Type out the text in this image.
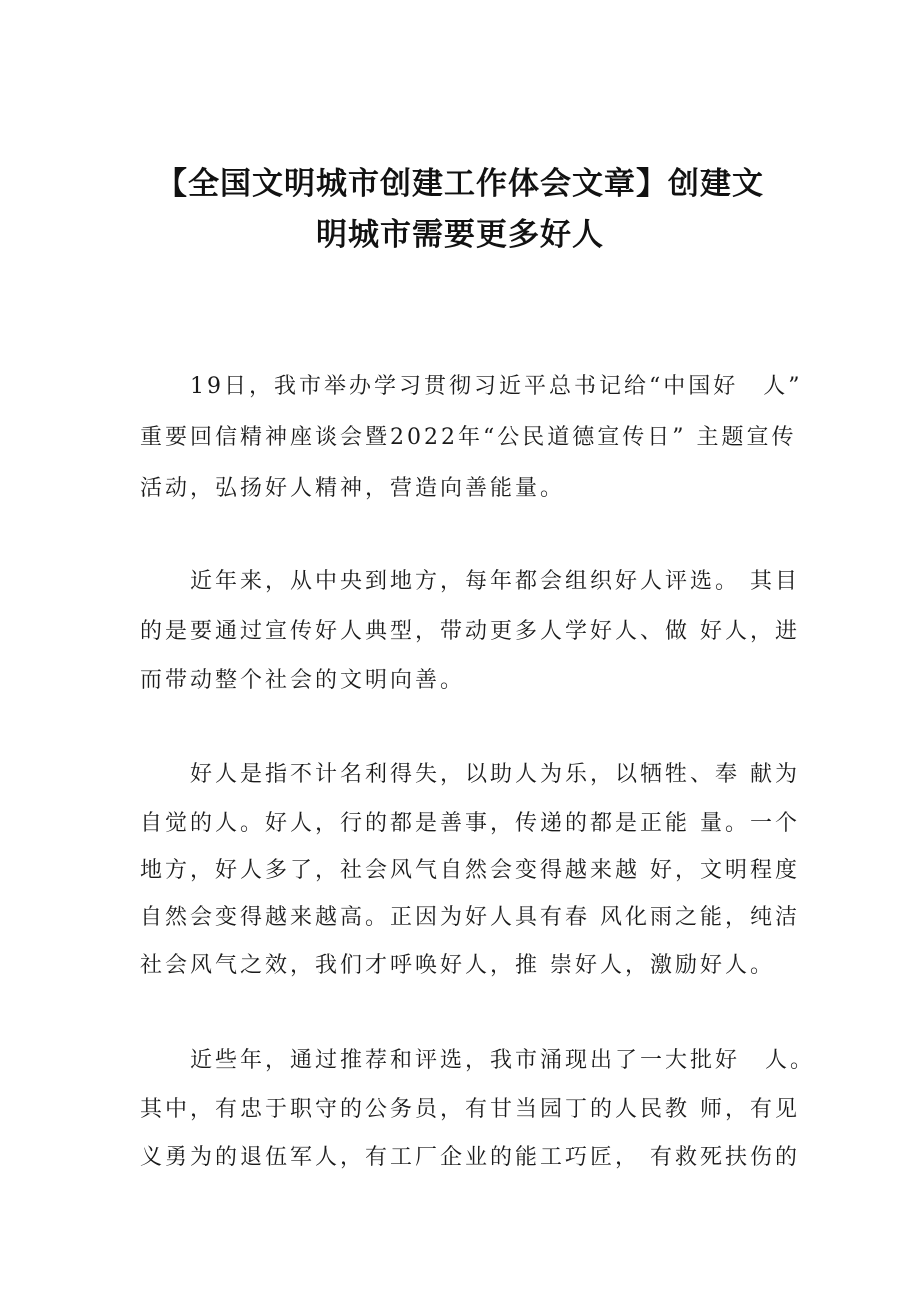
【全国文明城市创建工作体会文章】创建文
明城市需要更多好人
19日，我市举办学习贯彻习近平总书记给“中国好　人”
重要回信精神座谈会暨2022年“公民道德宣传日” 主题宣传
活动，弘扬好人精神，营造向善能量。
近年来，从中央到地方，每年都会组织好人评选。 其目
的是要通过宣传好人典型，带动更多人学好人、做 好人，进
而带动整个社会的文明向善。
好人是指不计名利得失，以助人为乐，以牺牲、奉 献为
自觉的人。好人，行的都是善事，传递的都是正能 量。一个
地方，好人多了，社会风气自然会变得越来越 好，文明程度
自然会变得越来越高。正因为好人具有春 风化雨之能，纯洁
社会风气之效，我们才呼唤好人，推 崇好人，激励好人。
近些年，通过推荐和评选，我市涌现出了一大批好　人。
其中，有忠于职守的公务员，有甘当园丁的人民教 师，有见
义勇为的退伍军人，有工厂企业的能工巧匠， 有救死扶伤的
